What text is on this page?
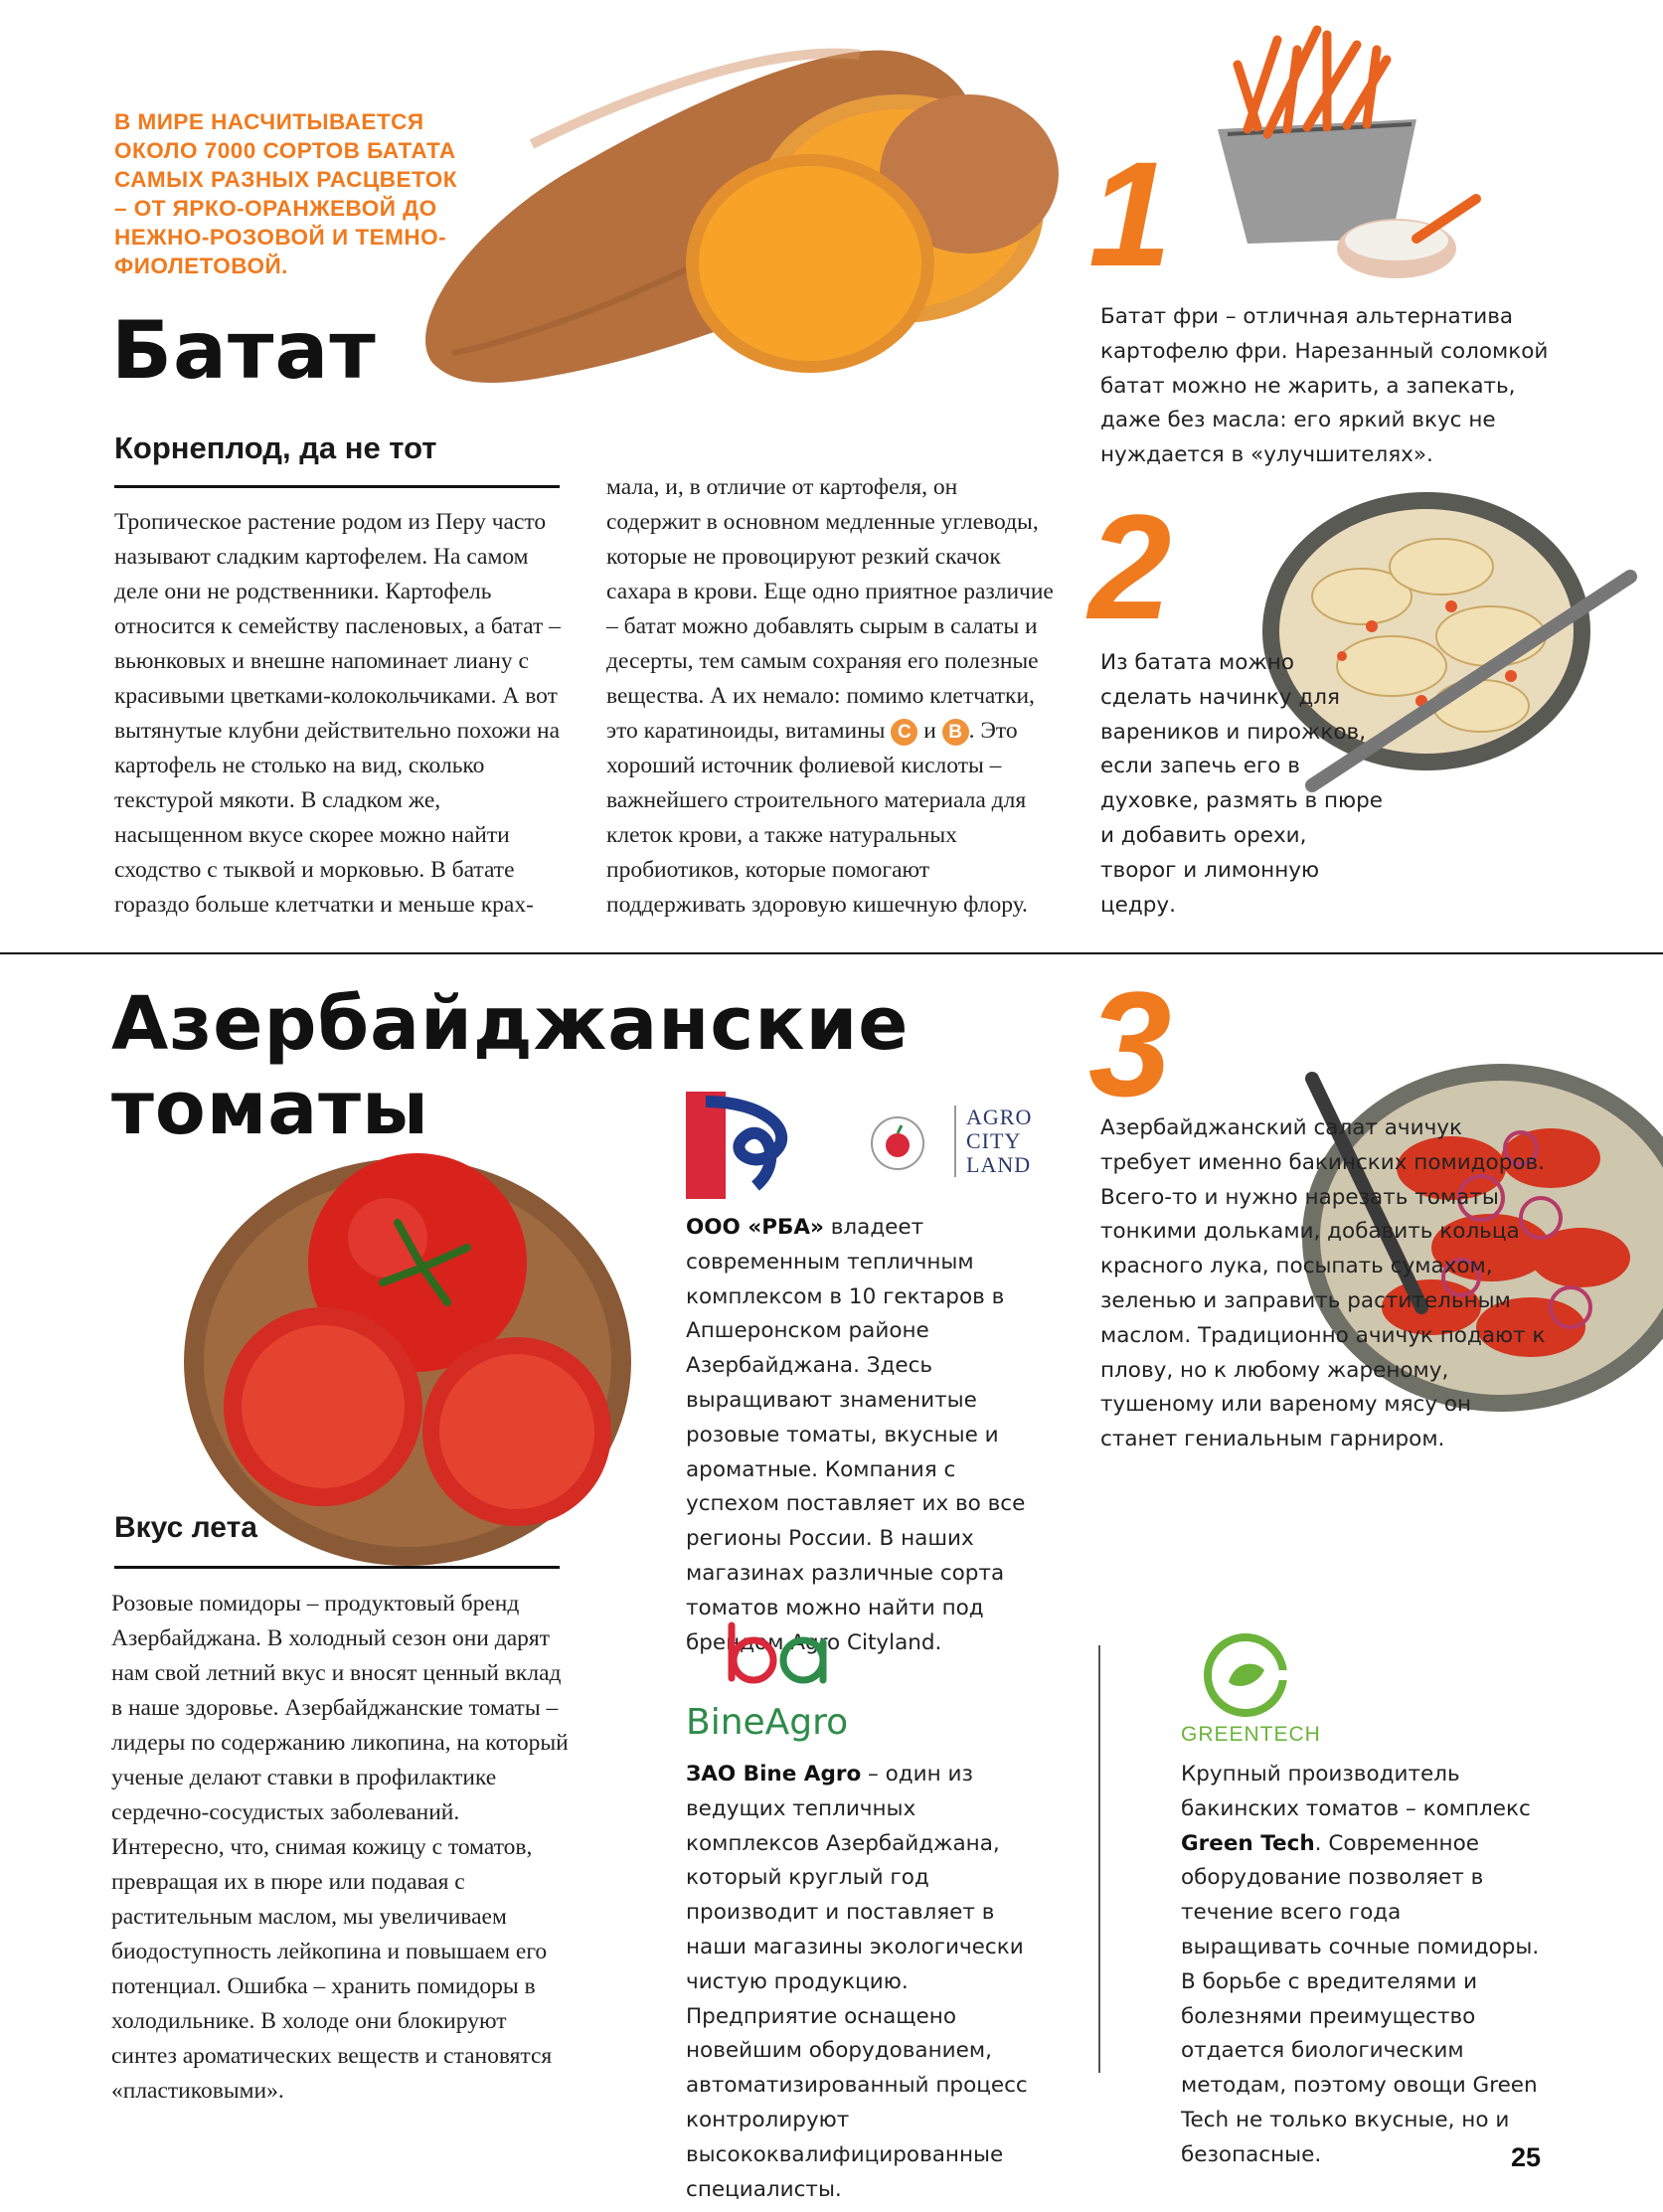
В МИРЕ НАСЧИТЫВАЕТСЯ ОКОЛО 7000 СОРТОВ БАТАТА САМЫХ РАЗНЫХ РАСЦВЕТОК – ОТ ЯРКО-ОРАНЖЕВОЙ ДО НЕЖНО-РОЗОВОЙ И ТЕМНО-ФИОЛЕТОВОЙ.
Батат
Корнеплод, да не тот
Тропическое растение родом из Перу часто называют сладким картофелем. На самом деле они не родственники. Картофель относится к семейству пасленовых, а батат – вьюнковых и внешне напоминает лиану с красивыми цветками-колокольчиками. А вот вытянутые клубни действительно похожи на картофель не столько на вид, сколько текстурой мякоти. В сладком же, насыщенном вкусе скорее можно найти сходство с тыквой и морковью. В батате гораздо больше клетчатки и меньше крах-
мала, и, в отличие от картофеля, он содержит в основном медленные углеводы, которые не провоцируют резкий скачок сахара в крови. Еще одно приятное различие – батат можно добавлять сырым в салаты и десерты, тем самым сохраняя его полезные вещества. А их немало: помимо клетчатки, это каратиноиды, витамины C и B . Это хороший источник фолиевой кислоты – важнейшего строительного материала для клеток крови, а также натуральных пробиотиков, которые помогают поддерживать здоровую кишечную флору.
1
Батат фри – отличная альтернатива картофелю фри. Нарезанный соломкой батат можно не жарить, а запекать, даже без масла: его яркий вкус не нуждается в «улучшителях».
2
Из батата можно сделать начинку для вареников и пирожков, если запечь его в духовке, размять в пюре и добавить орехи, творог и лимонную цедру.
Азербайджанские
томаты
Вкус лета
Розовые помидоры – продуктовый бренд Азербайджана. В холодный сезон они дарят нам свой летний вкус и вносят ценный вклад в наше здоровье. Азербайджанские томаты – лидеры по содержанию ликопина, на который ученые делают ставки в профилактике сердечно-сосудистых заболеваний. Интересно, что, снимая кожицу с томатов, превращая их в пюре или подавая с растительным маслом, мы увеличиваем биодоступность лейкопина и повышаем его потенциал. Ошибка – хранить помидоры в холодильнике. В холоде они блокируют синтез ароматических веществ и становятся «пластиковыми».
AGRO CITY LAND
ООО «РБА» владеет современным тепличным комплексом в 10 гектаров в Апшеронском районе Азербайджана. Здесь выращивают знаменитые розовые томаты, вкусные и ароматные. Компания с успехом поставляет их во все регионы России. В наших магазинах различные сорта томатов можно найти под брендом Agro Cityland.
BineAgro
ЗАО Bine Agro – один из ведущих тепличных комплексов Азербайджана, который круглый год производит и поставляет в наши магазины экологически чистую продукцию. Предприятие оснащено новейшим оборудованием, автоматизированный процесс контролируют высококвалифицированные специалисты.
3
Азербайджанский салат ачичук требует именно бакинских помидоров. Всего-то и нужно нарезать томаты тонкими дольками, добавить кольца красного лука, посыпать сумахом, зеленью и заправить растительным маслом. Традиционно ачичук подают к плову, но к любому жареному, тушеному или вареному мясу он станет гениальным гарниром.
GREENTECH
Крупный производитель бакинских томатов – комплекс Green Tech. Современное оборудование позволяет в течение всего года выращивать сочные помидоры. В борьбе с вредителями и болезнями преимущество отдается биологическим методам, поэтому овощи Green Tech не только вкусные, но и безопасные.	25
